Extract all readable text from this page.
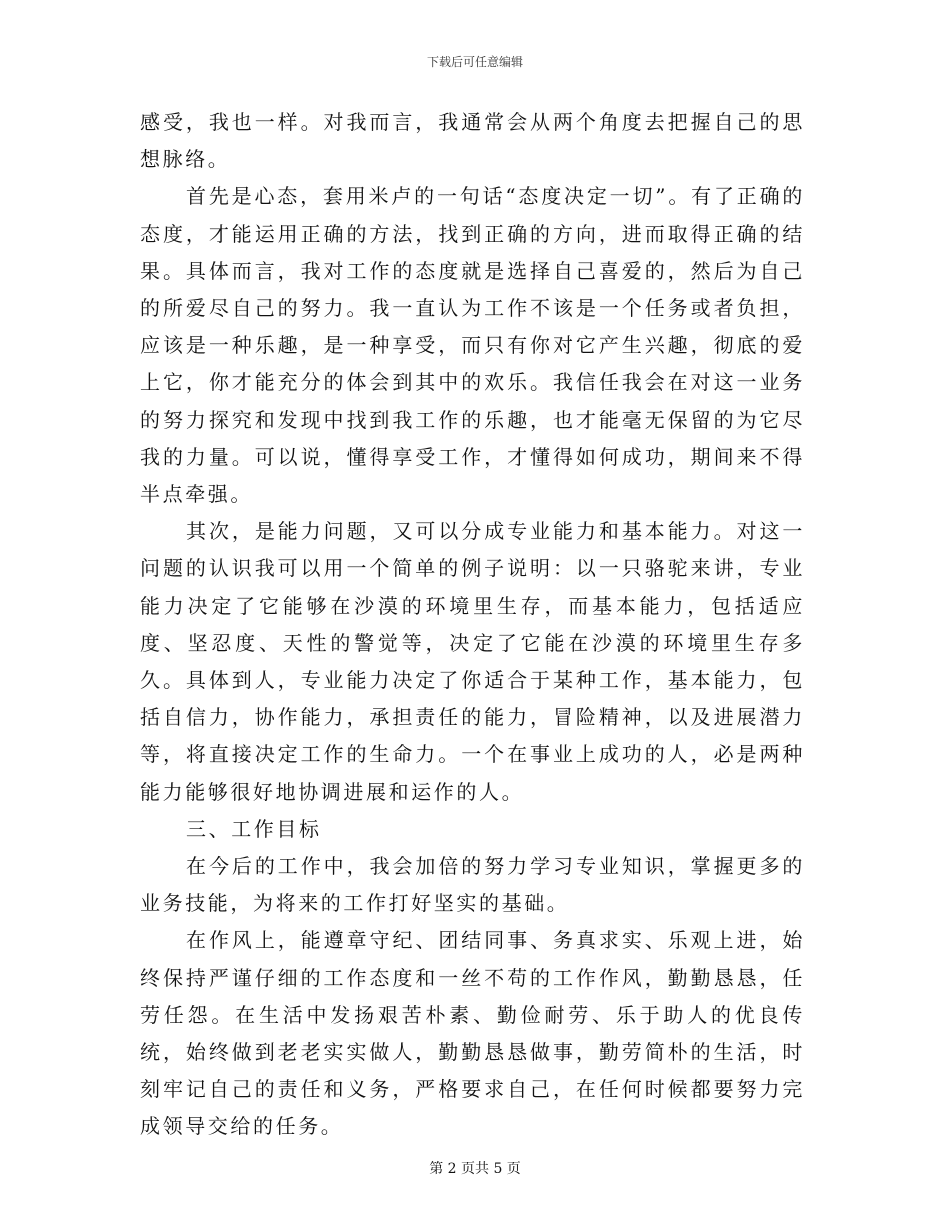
下载后可任意编辑

感受，我也一样。对我而言，我通常会从两个角度去把握自己的思想脉络。

首先是心态，套用米卢的一句话“态度决定一切”。有了正确的态度，才能运用正确的方法，找到正确的方向，进而取得正确的结果。具体而言，我对工作的态度就是选择自己喜爱的，然后为自己的所爱尽自己的努力。我一直认为工作不该是一个任务或者负担，应该是一种乐趣，是一种享受，而只有你对它产生兴趣，彻底的爱上它，你才能充分的体会到其中的欢乐。我信任我会在对这一业务的努力探究和发现中找到我工作的乐趣，也才能毫无保留的为它尽我的力量。可以说，懂得享受工作，才懂得如何成功，期间来不得半点牵强。

其次，是能力问题，又可以分成专业能力和基本能力。对这一问题的认识我可以用一个简单的例子说明：以一只骆驼来讲，专业能力决定了它能够在沙漠的环境里生存，而基本能力，包括适应度、坚忍度、天性的警觉等，决定了它能在沙漠的环境里生存多久。具体到人，专业能力决定了你适合于某种工作，基本能力，包括自信力，协作能力，承担责任的能力，冒险精神，以及进展潜力等，将直接决定工作的生命力。一个在事业上成功的人，必是两种能力能够很好地协调进展和运作的人。

三、工作目标

在今后的工作中，我会加倍的努力学习专业知识，掌握更多的业务技能，为将来的工作打好坚实的基础。

在作风上，能遵章守纪、团结同事、务真求实、乐观上进，始终保持严谨仔细的工作态度和一丝不苟的工作作风，勤勤恳恳，任劳任怨。在生活中发扬艰苦朴素、勤俭耐劳、乐于助人的优良传统，始终做到老老实实做人，勤勤恳恳做事，勤劳简朴的生活，时刻牢记自己的责任和义务，严格要求自己，在任何时候都要努力完成领导交给的任务。

第 2 页共 5 页
